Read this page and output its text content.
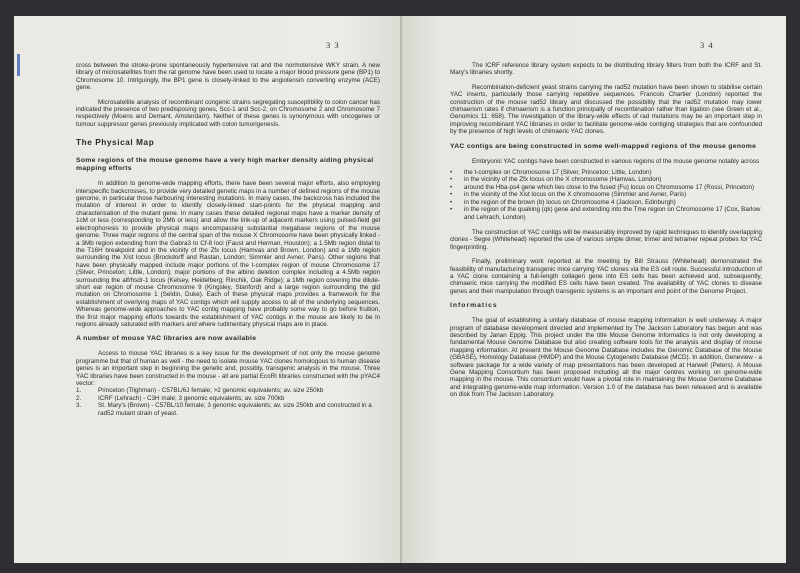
3 3

cross between the stroke-prone spontaneously hypertensive rat and the normotensive WKY strain. A new library of microsatellites from the rat genome have been used to locate a major blood pressure gene (BP1) to Chromosome 10. Intriguingly, the BP1 gene is closely-linked to the angiotensin converting enzyme (ACE) gene.

Microsatellite analysis of recombinant congenic strains segregating susceptibility to colon cancer has indicated the presence of two predisposing genes, Scc-1 and Scc-2, on Chromosome 2 and Chromosome 7 respectively (Moens and Demant, Amsterdam). Neither of these genes is synonymous with oncogenes or tumour suppressor genes previously implicated with colon tumorigenesis.

The Physical Map
Some regions of the mouse genome have a very high marker density aiding physical mapping efforts

In addition to genome-wide mapping efforts, there have been several major efforts, also employing interspecific backcrosses, to provide very detailed genetic maps in a number of defined regions of the mouse genome, in particular those harbouring interesting mutations. In many cases, the backcross has included the mutation of interest in order to identify closely-linked start-points for the physical mapping and characterisation of the mutant gene. In many cases these detailed regional maps have a marker density of 1cM or less (corresponding to 2Mb or less) and allow the link-up of adjacent markers using pulsed-field gel electrophoresis to provide physical maps encompassing substantial megabase regions of the mouse genome. Three major regions of the central span of the mouse X Chromosome have been physically linked - a 3Mb region extending from the Gabra3 to Cf-8 loci (Faust and Herman, Houston); a 1.5Mb region distal to the T16H breakpoint and in the vicinity of the Zfx locus (Hamvas and Brown, London) and a 1Mb region surrounding the Xist locus (Brockdorff and Rastan, London; Simmler and Avner, Paris). Other regions that have been physically mapped include major portions of the t-complex region of mouse Chromosome 17 (Silver, Princeton; Little, London); major portions of the albino deletion complex including a 4.5Mb region surrounding the alf/hsdr-1 locus (Kelsey, Heidelberg; Rinchik, Oak Ridge); a 1Mb region covering the dilute-short ear region of mouse Chromosome 9 (Kingsley, Stanford) and a large region surrounding the gld mutation on Chromosome 1 (Seldin, Duke). Each of these physical maps provides a framework for the establishment of overlying maps of YAC contigs which will supply access to all of the underlying sequences. Whereas genome-wide approaches to YAC contig mapping have probably some way to go before fruition, the first major mapping efforts towards the establishment of YAC contigs in the mouse are likely to be in regions already saturated with markers and where rudimentary physical maps are in place.

A number of mouse YAC libraries are now available

Access to mouse YAC libraries is a key issue for the development of not only the mouse genome programme but that of human as well - the need to isolate mouse YAC clones homologous to human disease genes is an important step in beginning the genetic and, possibly, transgenic analysis in the mouse. Three YAC libraries have been constructed in the mouse - all are partial EcoRI libraries constructed with the pYAC4 vector:

1.	Princeton (Tilghman) - C57BL/6J female; >2 genomic equivalents; av. size 250kb
2.	ICRF (Lehrach) - C3H male; 3 genomic equivalents; av. size 700kb
3.	St. Mary's (Brown) - C57BL/10 female; 3 genomic equivalents; av. size 250kb and constructed in a rad52 mutant strain of yeast.
3 4

The ICRF reference library system expects to be distributing library filters from both the ICRF and St. Mary's libraries shortly.

Recombination-deficient yeast strains carrying the rad52 mutation have been shown to stabilise certain YAC inserts, particularly those carrying repetitive sequences. Francois Chartier (London) reported the construction of the mouse rad52 library and discussed the possibility that the rad52 mutation may lower chimaerism rates if chimaerism is a function principally of recombination rather than ligation (see Green et al., Genomics 11: 658). The investigation of the library-wide effects of rad mutations may be an important step in improving recombinant YAC libraries in order to facilitate genome-wide contiging strategies that are confounded by the presence of high levels of chimaeric YAC clones.

YAC contigs are being constructed in some well-mapped regions of the mouse genome

Embryonic YAC contigs have been constructed in various regions of the mouse genome notably across

•	the t-complex on Chromosome 17 (Silver, Princeton; Little, London)
•	in the vicinity of the Zfx locus on the X chromosome (Hamvas, London)
•	around the Hba-ps4 gene which lies close to the fused (Fu) locus on Chromosome 17 (Rossi, Princeton)
•	in the vicinity of the Xist locus on the X chromosome (Simmler and Avner, Paris)
•	in the region of the brown (b) locus on Chromosome 4 (Jackson, Edinburgh)
•	in the region of the quaking (qk) gene and extending into the Tme region on Chromosome 17 (Cox, Barlow and Lehrach, London)

The construction of YAC contigs will be measurably improved by rapid techniques to identify overlapping clones - Segre (Whitehead) reported the use of various simple dimer, trimer and tetramer repeat probes for YAC fingerprinting.

Finally, preliminary work reported at the meeting by Bill Strauss (Whitehead) demonstrated the feasibility of manufacturing transgenic mice carrying YAC clones via the ES cell route. Successful introduction of a YAC clone containing a full-length collagen gene into ES cells has been achieved and, subsequently, chimaeric mice carrying the modified ES cells have been created. The availability of YAC clones to disease genes and their manipulation through transgenic systems is an important end point of the Genome Project.

Informatics

The goal of establishing a unitary database of mouse mapping information is well underway. A major program of database development directed and implemented by The Jackson Laboratory has begun and was described by Janan Eppig. This project under the title Mouse Genome Informatics is not only developing a fundamental Mouse Genome Database but also creating software tools for the analysis and display of mouse mapping information. At present the Mouse Genome Database includes the Genomic Database of the Mouse (GBASE), Homology Database (HMDP) and the Mouse Cytogenetic Database (MCD). In addition, Geneview - a software package for a wide variety of map presentations has been developed at Harwell (Peters). A Mouse Gene Mapping Consortium has been proposed including all the major centres working on genome-wide mapping in the mouse. This consortium would have a pivotal role in maintaining the Mouse Genome Database and integrating genome-wide map information. Version 1.0 of the database has been released and is available on disk from The Jackson Laboratory.
